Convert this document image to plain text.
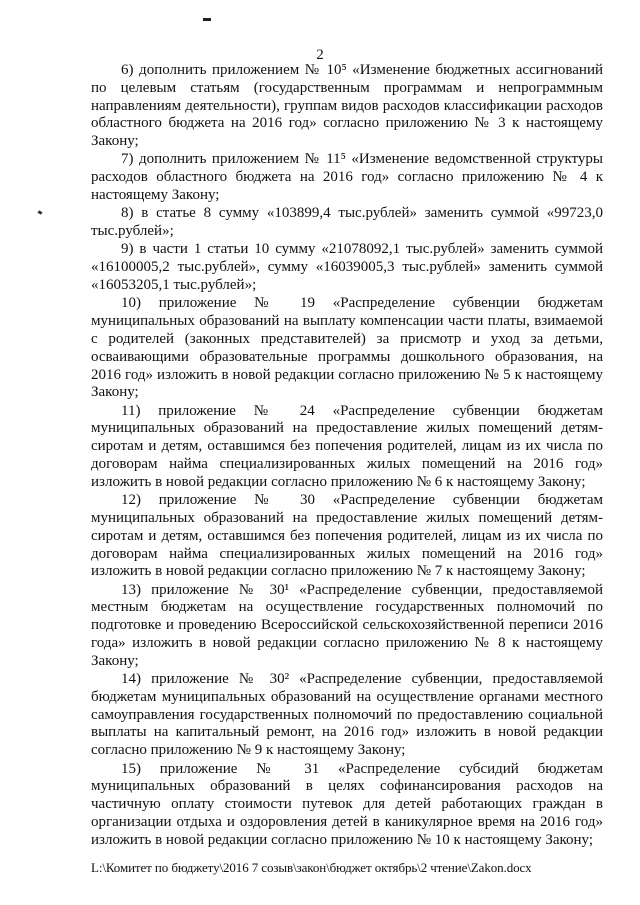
2

6) дополнить приложением № 10⁵ «Изменение бюджетных ассигнований по целевым статьям (государственным программам и непрограммным направлениям деятельности), группам видов расходов классификации расходов областного бюджета на 2016 год» согласно приложению № 3 к настоящему Закону;

7) дополнить приложением № 11⁵ «Изменение ведомственной структуры расходов областного бюджета на 2016 год» согласно приложению № 4 к настоящему Закону;

8) в статье 8 сумму «103899,4 тыс.рублей» заменить суммой «99723,0 тыс.рублей»;

9) в части 1 статьи 10 сумму «21078092,1 тыс.рублей» заменить суммой «16100005,2 тыс.рублей», сумму «16039005,3 тыс.рублей» заменить суммой «16053205,1 тыс.рублей»;

10) приложение № 19 «Распределение субвенции бюджетам муниципальных образований на выплату компенсации части платы, взимаемой с родителей (законных представителей) за присмотр и уход за детьми, осваивающими образовательные программы дошкольного образования, на 2016 год» изложить в новой редакции согласно приложению № 5 к настоящему Закону;

11) приложение № 24 «Распределение субвенции бюджетам муниципальных образований на предоставление жилых помещений детям-сиротам и детям, оставшимся без попечения родителей, лицам из их числа по договорам найма специализированных жилых помещений на 2016 год» изложить в новой редакции согласно приложению № 6 к настоящему Закону;

12) приложение № 30 «Распределение субвенции бюджетам муниципальных образований на предоставление жилых помещений детям-сиротам и детям, оставшимся без попечения родителей, лицам из их числа по договорам найма специализированных жилых помещений на 2016 год» изложить в новой редакции согласно приложению № 7 к настоящему Закону;

13) приложение № 30¹ «Распределение субвенции, предоставляемой местным бюджетам на осуществление государственных полномочий по подготовке и проведению Всероссийской сельскохозяйственной переписи 2016 года» изложить в новой редакции согласно приложению № 8 к настоящему Закону;

14) приложение № 30² «Распределение субвенции, предоставляемой бюджетам муниципальных образований на осуществление органами местного самоуправления государственных полномочий по предоставлению социальной выплаты на капитальный ремонт, на 2016 год» изложить в новой редакции согласно приложению № 9 к настоящему Закону;

15) приложение № 31 «Распределение субсидий бюджетам муниципальных образований в целях софинансирования расходов на частичную оплату стоимости путевок для детей работающих граждан в организации отдыха и оздоровления детей в каникулярное время на 2016 год» изложить в новой редакции согласно приложению № 10 к настоящему Закону;

L:\Комитет по бюджету\2016 7 созыв\закон\бюджет октябрь\2 чтение\Zakon.docx
